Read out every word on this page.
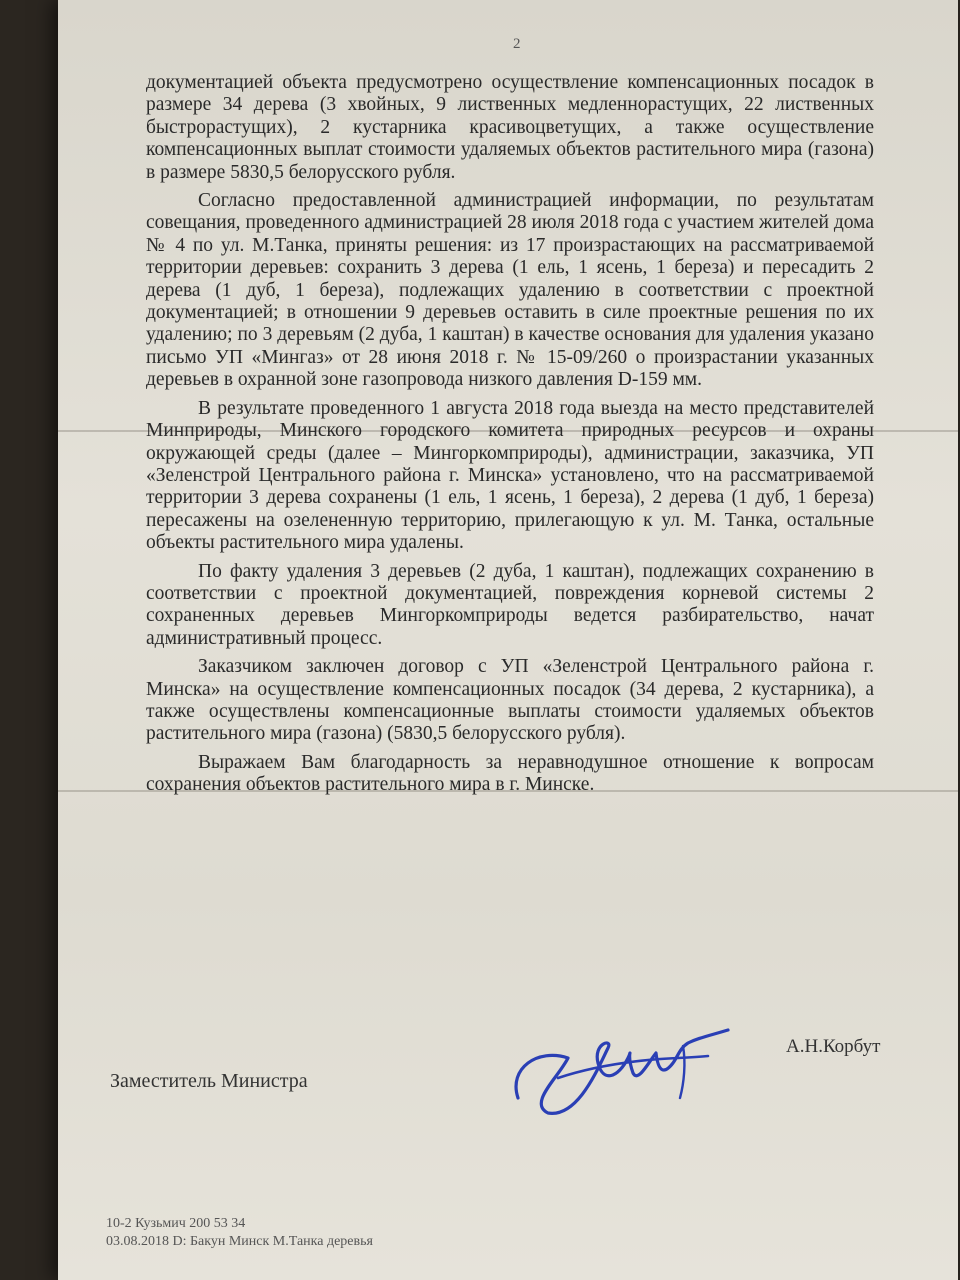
2

документацией объекта предусмотрено осуществление компенсационных посадок в размере 34 дерева (3 хвойных, 9 лиственных медленнорастущих, 22 лиственных быстрорастущих), 2 кустарника красивоцветущих, а также осуществление компенсационных выплат стоимости удаляемых объектов растительного мира (газона) в размере 5830,5 белорусского рубля.

Согласно предоставленной администрацией информации, по результатам совещания, проведенного администрацией 28 июля 2018 года с участием жителей дома № 4 по ул. М.Танка, приняты решения: из 17 произрастающих на рассматриваемой территории деревьев: сохранить 3 дерева (1 ель, 1 ясень, 1 береза) и пересадить 2 дерева (1 дуб, 1 береза), подлежащих удалению в соответствии с проектной документацией; в отношении 9 деревьев оставить в силе проектные решения по их удалению; по 3 деревьям (2 дуба, 1 каштан) в качестве основания для удаления указано письмо УП «Мингаз» от 28 июня 2018 г. № 15-09/260 о произрастании указанных деревьев в охранной зоне газопровода низкого давления D-159 мм.

В результате проведенного 1 августа 2018 года выезда на место представителей Минприроды, Минского городского комитета природных ресурсов и охраны окружающей среды (далее – Мингоркомприроды), администрации, заказчика, УП «Зеленстрой Центрального района г. Минска» установлено, что на рассматриваемой территории 3 дерева сохранены (1 ель, 1 ясень, 1 береза), 2 дерева (1 дуб, 1 береза) пересажены на озелененную территорию, прилегающую к ул. М. Танка, остальные объекты растительного мира удалены.

По факту удаления 3 деревьев (2 дуба, 1 каштан), подлежащих сохранению в соответствии с проектной документацией, повреждения корневой системы 2 сохраненных деревьев Мингоркомприроды ведется разбирательство, начат административный процесс.

Заказчиком заключен договор с УП «Зеленстрой Центрального района г. Минска» на осуществление компенсационных посадок (34 дерева, 2 кустарника), а также осуществлены компенсационные выплаты стоимости удаляемых объектов растительного мира (газона) (5830,5 белорусского рубля).

Выражаем Вам благодарность за неравнодушное отношение к вопросам сохранения объектов растительного мира в г. Минске.

Заместитель Министра
А.Н.Корбут
10-2 Кузьмич 200 53 34
03.08.2018 D: Бакун Минск М.Танка деревья
